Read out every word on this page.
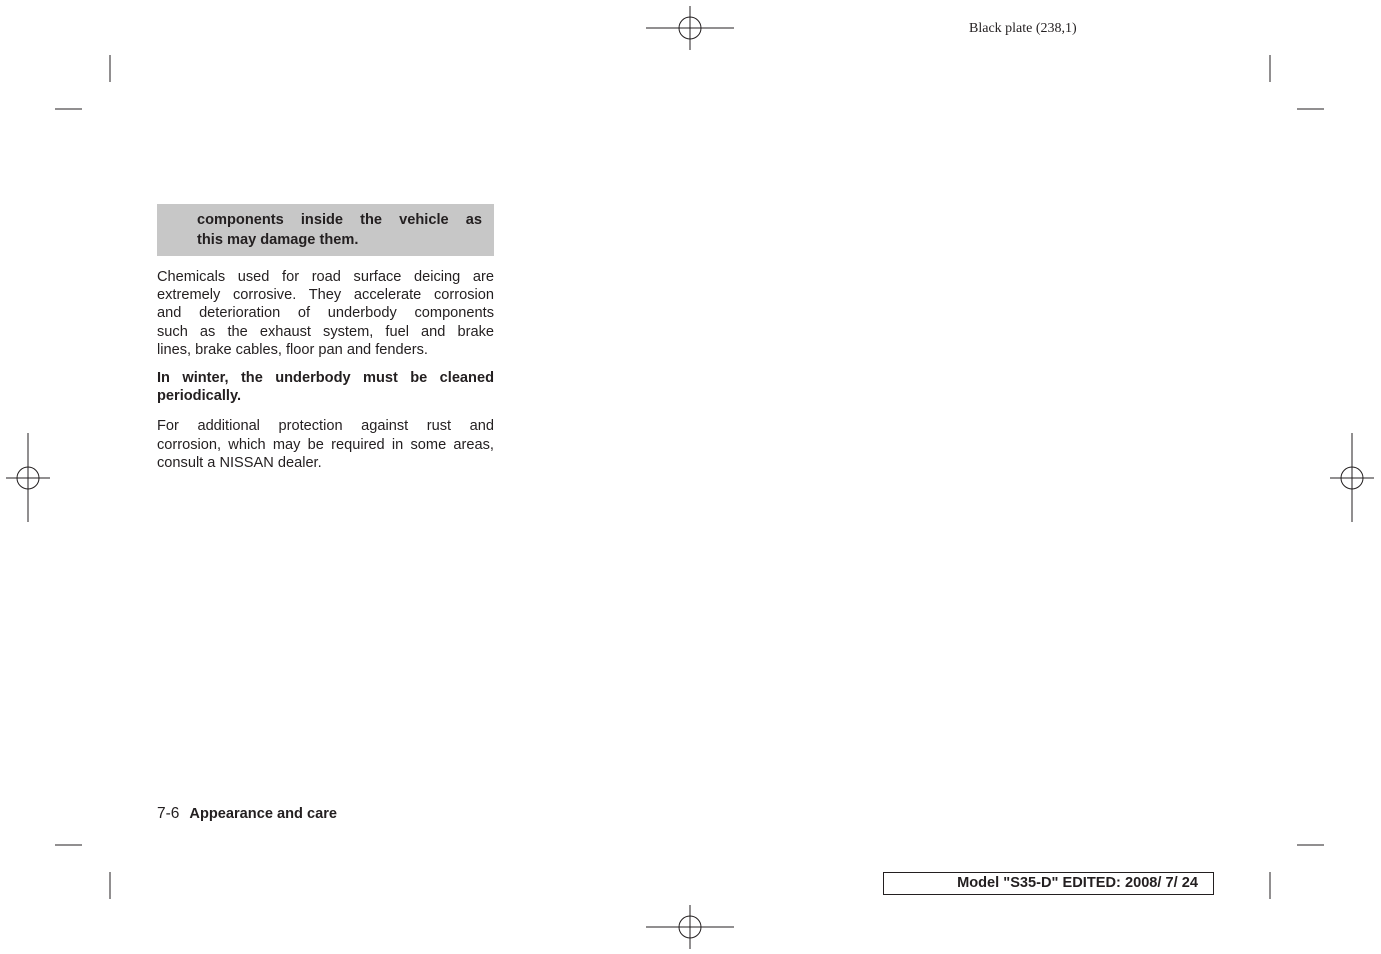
Black plate (238,1)
components inside the vehicle as
this may damage them.

Chemicals used for road surface deicing are
extremely corrosive. They accelerate corrosion
and deterioration of underbody components
such as the exhaust system, fuel and brake
lines, brake cables, floor pan and fenders.

In winter, the underbody must be cleaned
periodically.

For additional protection against rust and
corrosion, which may be required in some areas,
consult a NISSAN dealer.

7-6 Appearance and care
Model "S35-D" EDITED: 2008/ 7/ 24
